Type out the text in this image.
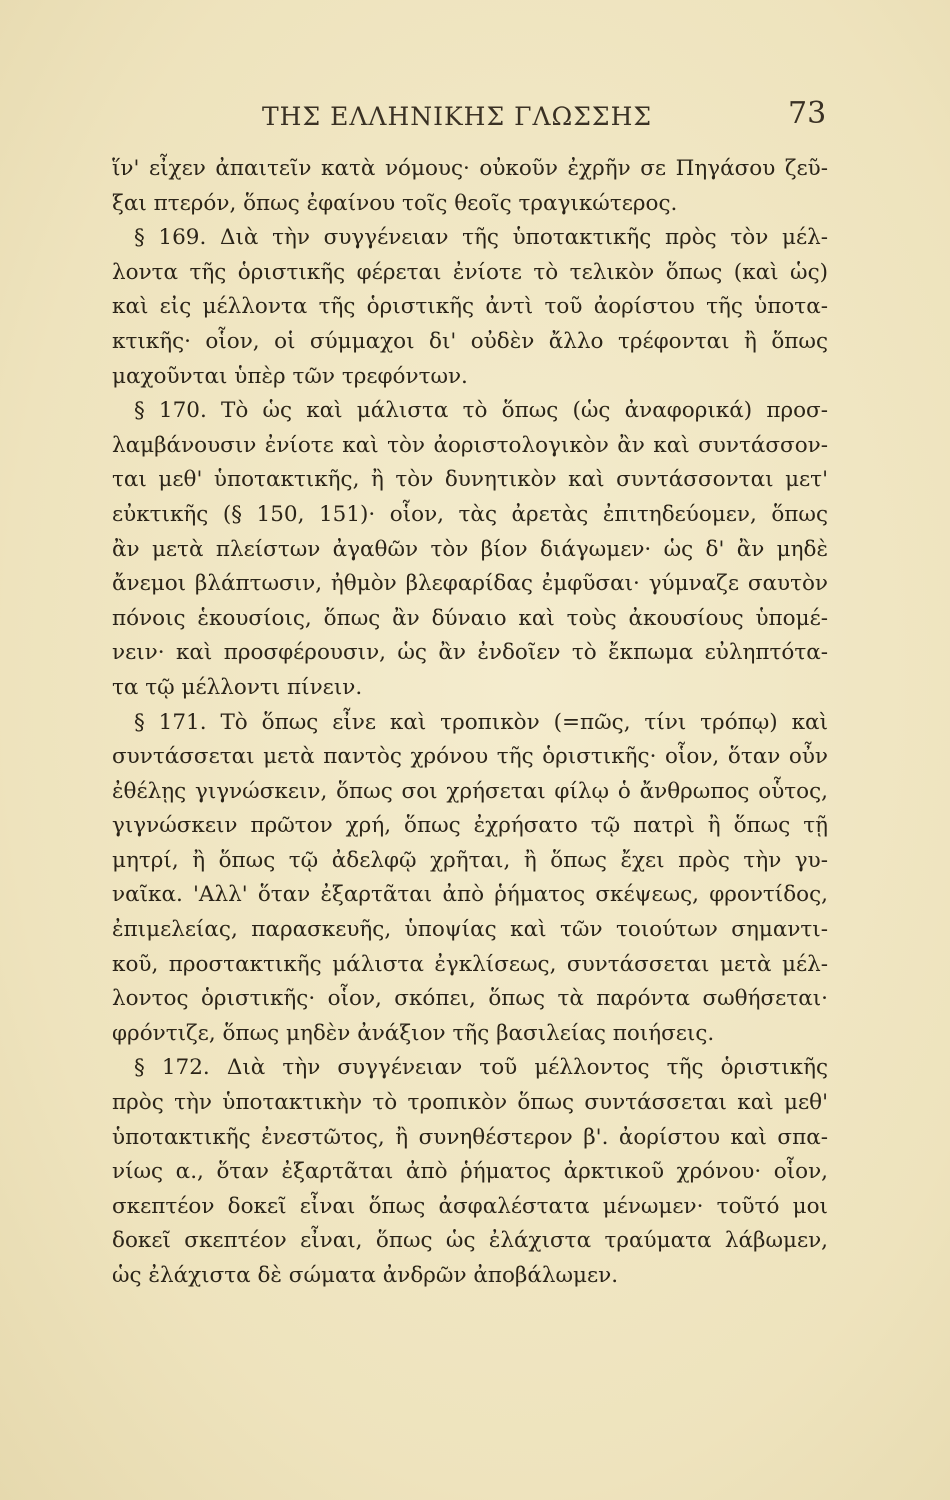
ΤΗΣ ΕΛΛΗΝΙΚΗΣ ΓΛΩΣΣΗΣ	73
ἵν' εἶχεν ἀπαιτεῖν κατὰ νόμους· οὐκοῦν ἐχρῆν σε Πηγάσου ζεῦ-
ξαι πτερόν, ὅπως ἐφαίνου τοῖς θεοῖς τραγικώτερος.
§ 169. Διὰ τὴν συγγένειαν τῆς ὑποτακτικῆς πρὸς τὸν μέλ-
λοντα τῆς ὁριστικῆς φέρεται ἐνίοτε τὸ τελικὸν ὅπως (καὶ ὡς)
καὶ εἰς μέλλοντα τῆς ὁριστικῆς ἀντὶ τοῦ ἀορίστου τῆς ὑποτα-
κτικῆς· οἷον, οἱ σύμμαχοι δι' οὐδὲν ἄλλο τρέφονται ἢ ὅπως
μαχοῦνται ὑπὲρ τῶν τρεφόντων.
§ 170. Τὸ ὡς καὶ μάλιστα τὸ ὅπως (ὡς ἀναφορικά) προσ-
λαμβάνουσιν ἐνίοτε καὶ τὸν ἀοριστολογικὸν ἂν καὶ συντάσσον-
ται μεθ' ὑποτακτικῆς, ἢ τὸν δυνητικὸν καὶ συντάσσονται μετ'
εὐκτικῆς (§ 150, 151)· οἷον, τὰς ἀρετὰς ἐπιτηδεύομεν, ὅπως
ἂν μετὰ πλείστων ἀγαθῶν τὸν βίον διάγωμεν· ὡς δ' ἂν μηδὲ
ἄνεμοι βλάπτωσιν, ἠθμὸν βλεφαρίδας ἐμφῦσαι· γύμναζε σαυτὸν
πόνοις ἑκουσίοις, ὅπως ἂν δύναιο καὶ τοὺς ἀκουσίους ὑπομέ-
νειν· καὶ προσφέρουσιν, ὡς ἂν ἐνδοῖεν τὸ ἔκπωμα εὐληπτότα-
τα τῷ μέλλοντι πίνειν.
§ 171. Τὸ ὅπως εἶνε καὶ τροπικὸν (=πῶς, τίνι τρόπῳ) καὶ
συντάσσεται μετὰ παντὸς χρόνου τῆς ὁριστικῆς· οἷον, ὅταν οὖν
ἐθέλῃς γιγνώσκειν, ὅπως σοι χρήσεται φίλῳ ὁ ἄνθρωπος οὗτος,
γιγνώσκειν πρῶτον χρή, ὅπως ἐχρήσατο τῷ πατρὶ ἢ ὅπως τῇ
μητρί, ἢ ὅπως τῷ ἀδελφῷ χρῆται, ἢ ὅπως ἔχει πρὸς τὴν γυ-
ναῖκα. 'Αλλ' ὅταν ἐξαρτᾶται ἀπὸ ῥήματος σκέψεως, φροντίδος,
ἐπιμελείας, παρασκευῆς, ὑποψίας καὶ τῶν τοιούτων σημαντι-
κοῦ, προστακτικῆς μάλιστα ἐγκλίσεως, συντάσσεται μετὰ μέλ-
λοντος ὁριστικῆς· οἷον, σκόπει, ὅπως τὰ παρόντα σωθήσεται·
φρόντιζε, ὅπως μηδὲν ἀνάξιον τῆς βασιλείας ποιήσεις.
§ 172. Διὰ τὴν συγγένειαν τοῦ μέλλοντος τῆς ὁριστικῆς
πρὸς τὴν ὑποτακτικὴν τὸ τροπικὸν ὅπως συντάσσεται καὶ μεθ'
ὑποτακτικῆς ἐνεστῶτος, ἢ συνηθέστερον β'. ἀορίστου καὶ σπα-
νίως α., ὅταν ἐξαρτᾶται ἀπὸ ῥήματος ἀρκτικοῦ χρόνου· οἷον,
σκεπτέον δοκεῖ εἶναι ὅπως ἀσφαλέστατα μένωμεν· τοῦτό μοι
δοκεῖ σκεπτέον εἶναι, ὅπως ὡς ἐλάχιστα τραύματα λάβωμεν,
ὡς ἐλάχιστα δὲ σώματα ἀνδρῶν ἀποβάλωμεν.
